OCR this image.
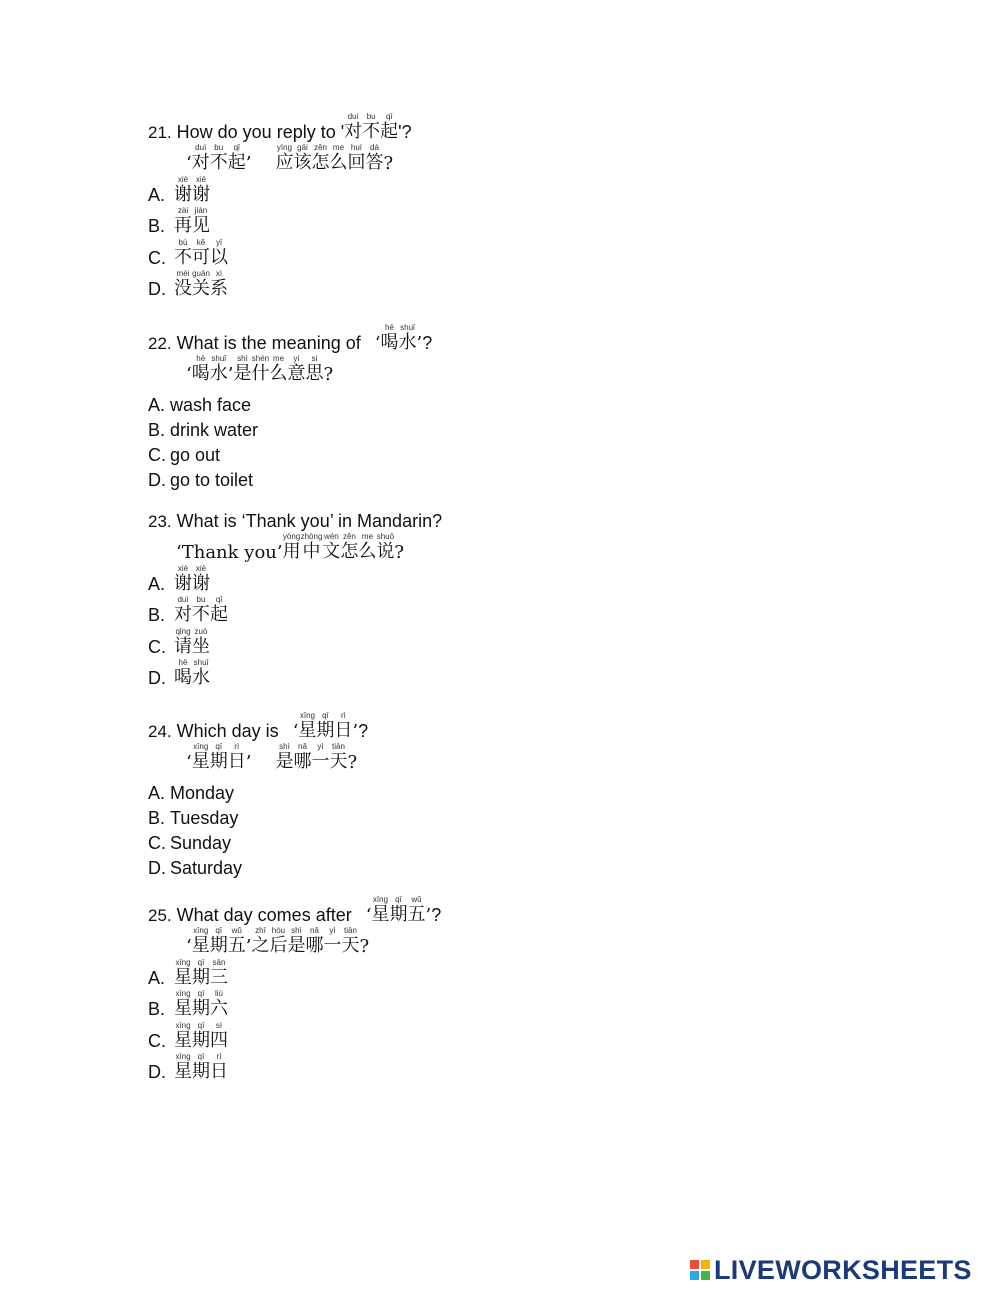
21. How do you reply to ' 对duì
不bu
起qǐ
'?
‘ 对duì
不bu
起qǐ
’ 应yìng
该gāi
怎zěn
么me
回huí
答dá
?
A. 谢xiè
谢xiè
B. 再zài
见jiàn
C. 不bù
可kě
以yǐ
D. 没méi
关guān
系xì
22. What is the meaning of ‘ 喝hē
水shuǐ
’ ?
‘ 喝hē
水shuǐ
’ 是shì
什shén
么me
意yì
思si
?
A. wash face
B. drink water
C. go out
D. go to toilet
23. What is ‘Thank you’ in Mandarin?
‘Thank you’ 用yòng
中zhōng
文wén
怎zěn
么me
说shuō
?
A. 谢xiè
谢xiè
B. 对duì
不bu
起qǐ
C. 请qǐng
坐zuò
D. 喝hē
水shuǐ
24. Which day is ‘ 星xīng
期qī
日rì
’ ?
‘ 星xīng
期qī
日rì
’ 是shì
哪nǎ
一yì
天tiān
?
A. Monday
B. Tuesday
C. Sunday
D. Saturday
25. What day comes after ‘ 星xīng
期qī
五wǔ
’ ?
‘ 星xīng
期qī
五wǔ
’ 之zhī
后hòu
是shì
哪nǎ
一yì
天tiān
?
A. 星xīng
期qī
三sān
B. 星xīng
期qī
六liù
C. 星xīng
期qī
四sì
D. 星xīng
期qī
日rì
LIVEWORKSHEETS
